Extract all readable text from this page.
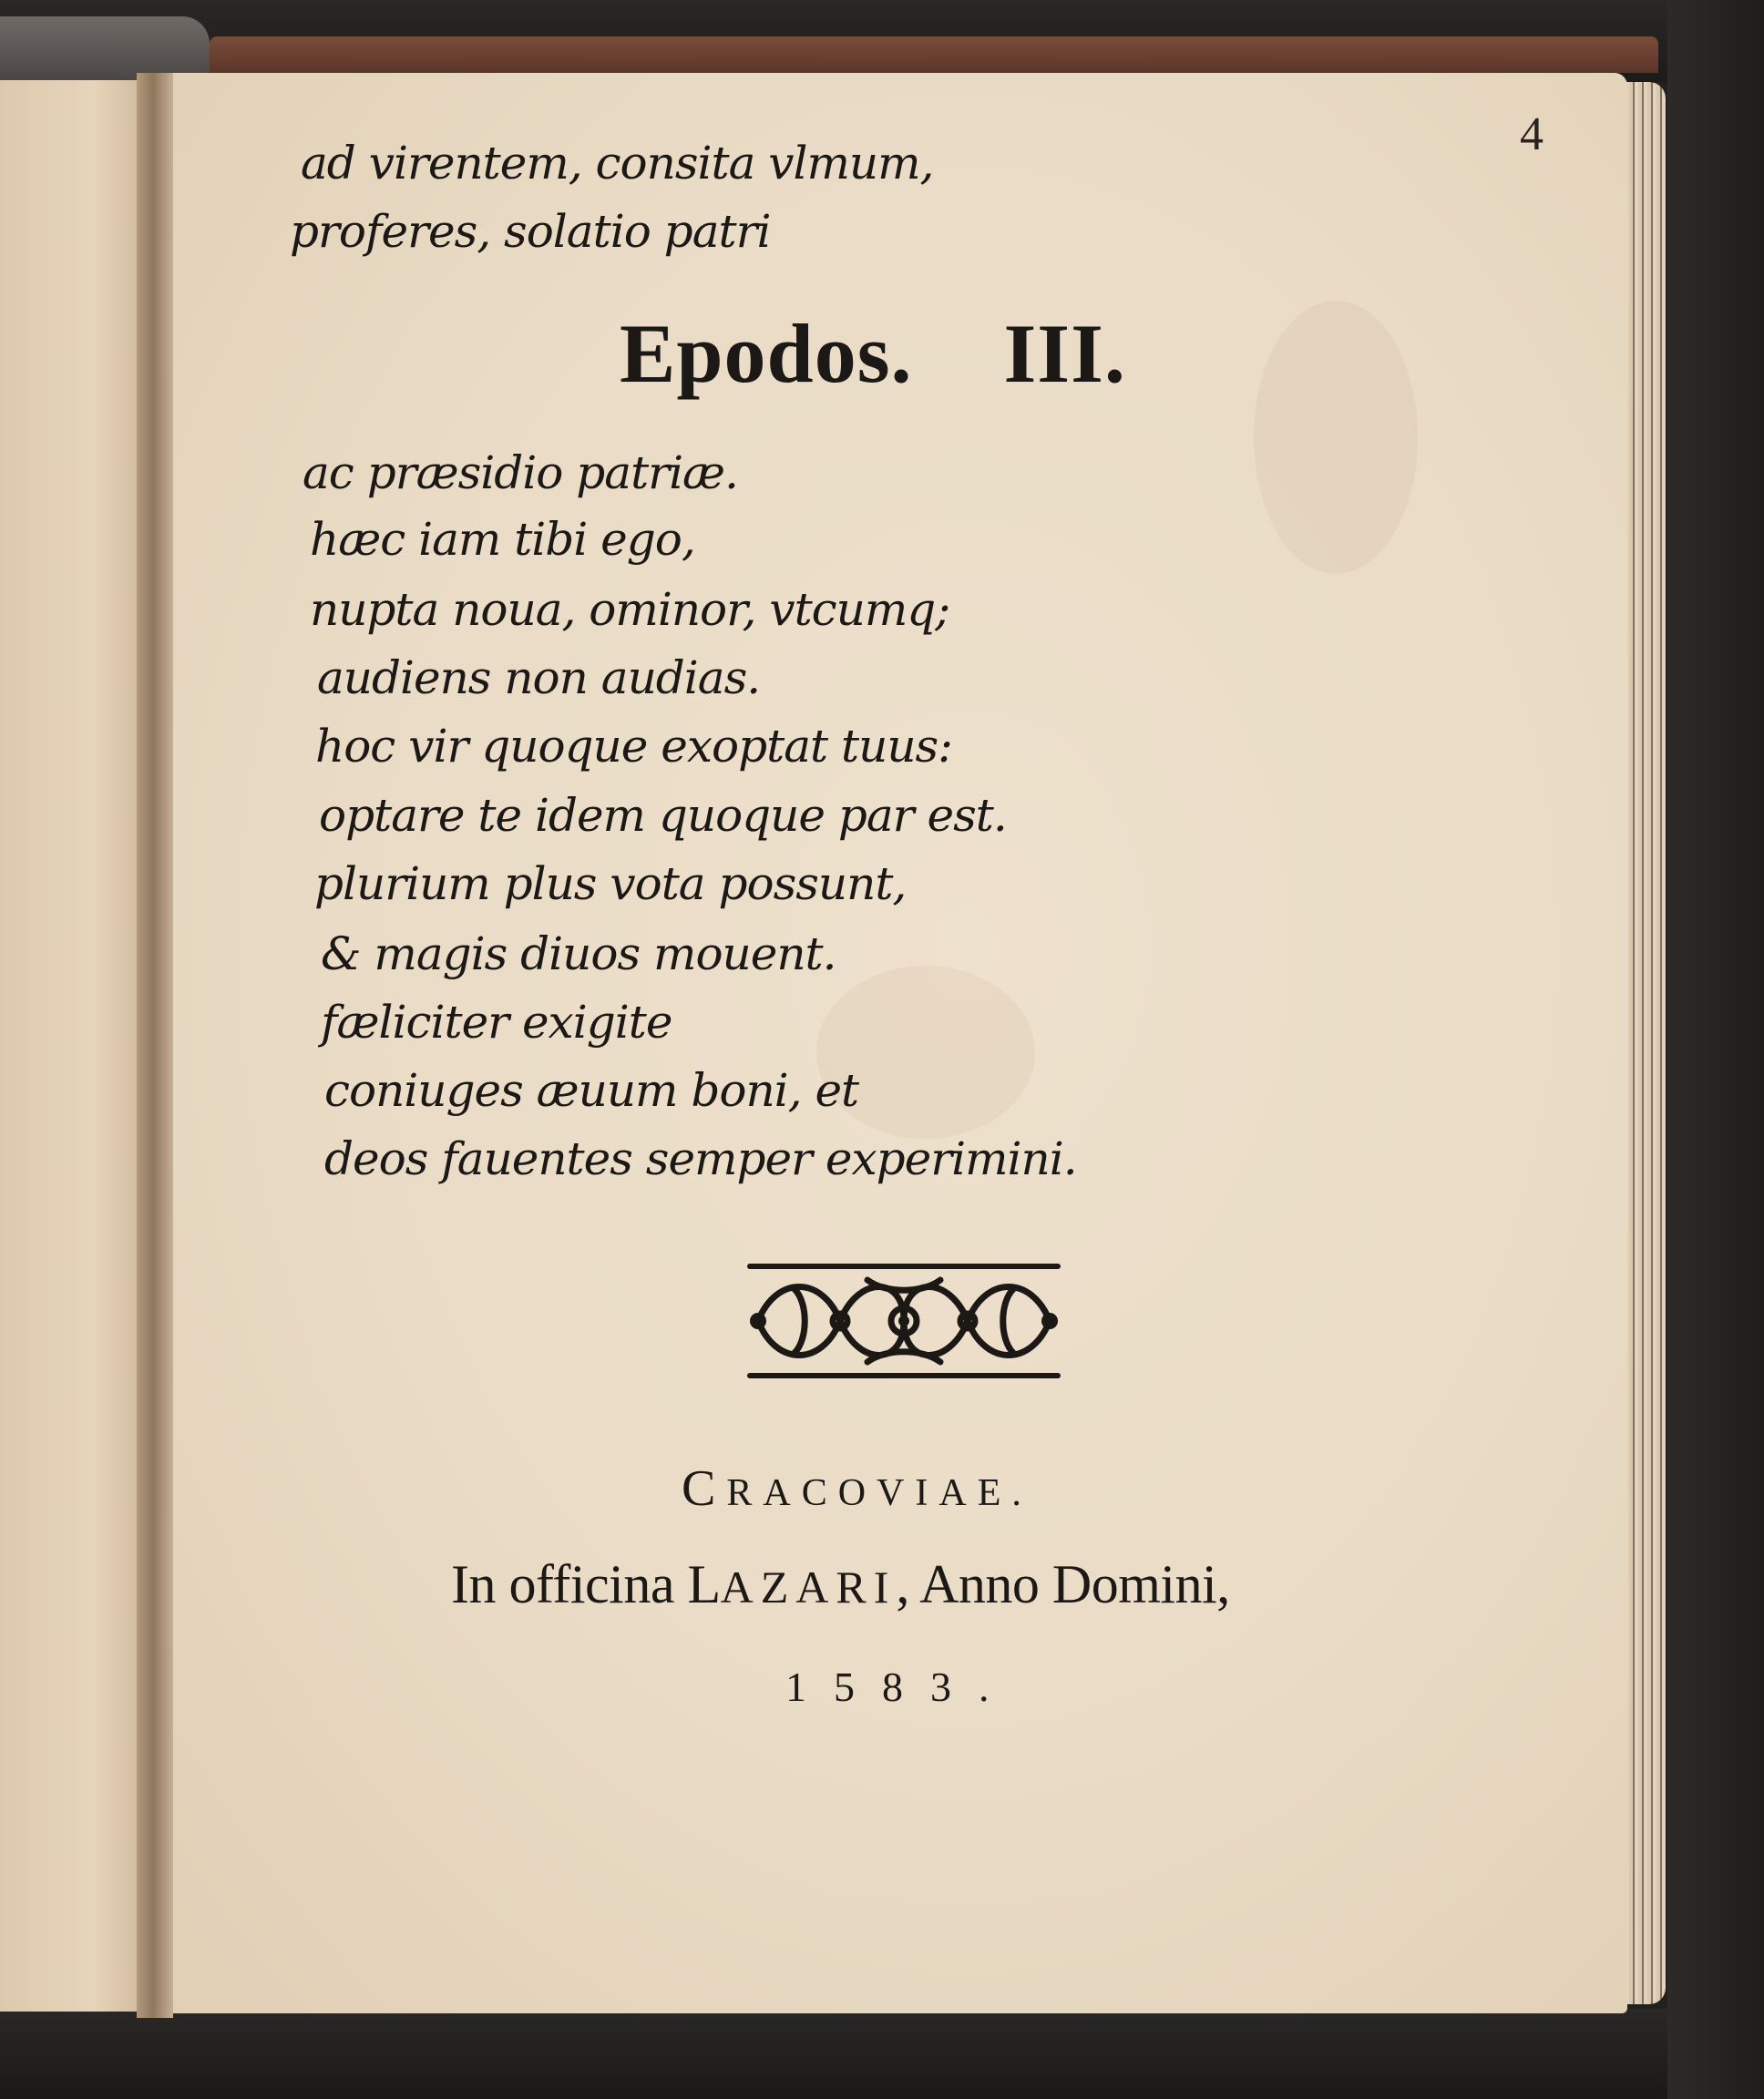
4

ad virentem, consita vlmum,

proferes, solatio patri

Epodos. III.

ac præsidio patriæ.

hæc iam tibi ego,

nupta noua, ominor, vtcumq;

audiens non audias.

hoc vir quoque exoptat tuus:

optare te idem quoque par est.

plurium plus vota possunt,

& magis diuos mouent.

fæliciter exigite

coniuges æuum boni, et

deos fauentes semper experimini.

CRACOVIAE.

In officina LAZARI, Anno Domini,

1583.
